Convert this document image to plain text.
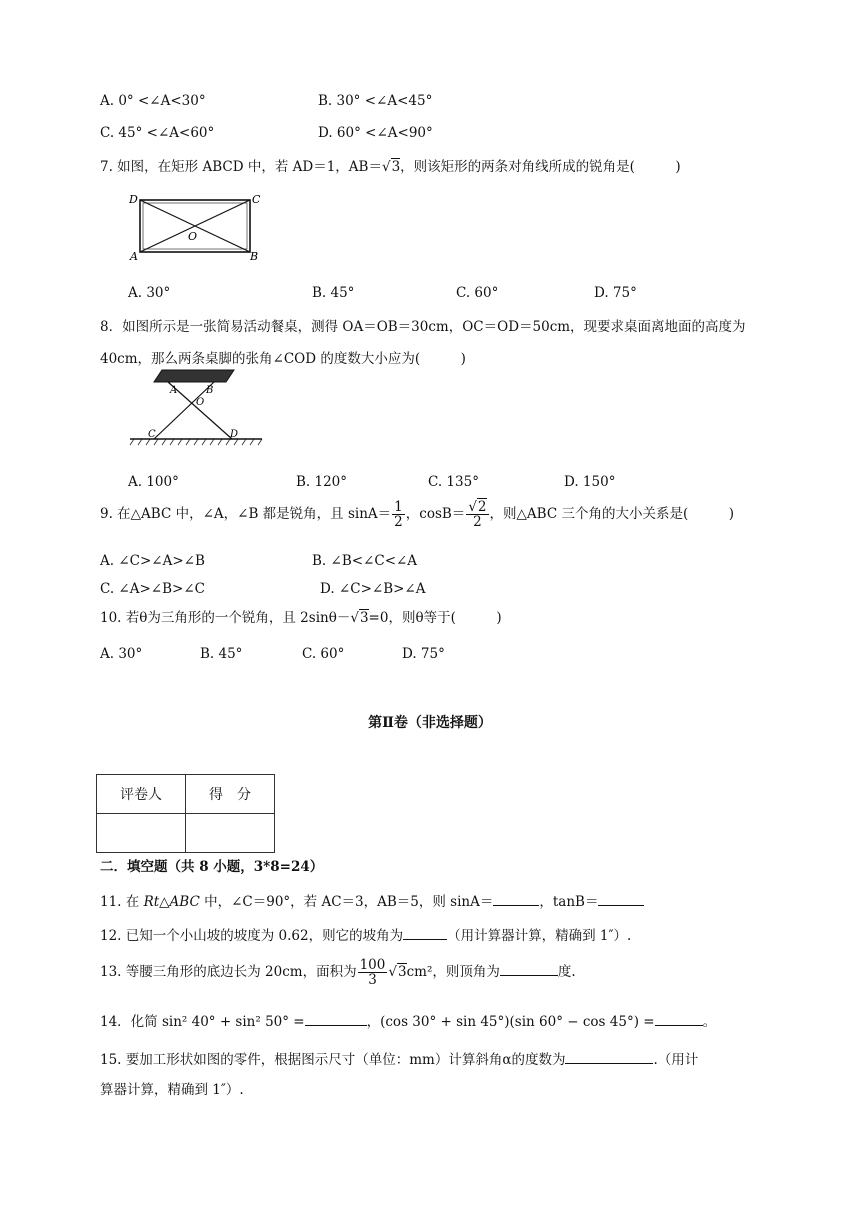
A. 0° <∠A<30°	B. 30° <∠A<45°
C. 45° <∠A<60°	D. 60° <∠A<90°
7. 如图，在矩形 ABCD 中，若 AD＝1，AB＝√3，则该矩形的两条对角线所成的锐角是(　　　)
D	C
O
A	B
A. 30°	B. 45°	C. 60°	D. 75°
8．如图所示是一张简易活动餐桌，测得 OA＝OB＝30cm，OC＝OD＝50cm，现要求桌面离地面的高度为
40cm，那么两条桌脚的张角∠COD 的度数大小应为(　　　)
A	B
O
C	D
A. 100°	B. 120°	C. 135°	D. 150°
9. 在△ABC 中，∠A，∠B 都是锐角，且 $\sin A= \frac{1}{2}$ ，$\cos B= \frac{√2}{2}$ ，则△ABC 三个角的大小关系是(　　　)
A. ∠C>∠A>∠B	B. ∠B<∠C<∠A
C. ∠A>∠B>∠C	D. ∠C>∠B>∠A
10. 若θ为三角形的一个锐角，且 2sinθ－√3=0，则θ等于(　　　)
A. 30°	B. 45°	C. 60°	D. 75°
第Ⅱ卷（非选择题）
评卷人	得　分

二．填空题（共 8 小题，3*8=24）
11. 在 Rt△ABC 中，∠C＝90°，若 AC＝3，AB＝5，则 sinA＝	，tanB＝
12. 已知一个小山坡的坡度为 0.62，则它的坡角为	（用计算器计算，精确到 1″）.
13. 等腰三角形的底边长为 20cm，面积为 $\frac{100}{3} √3cm^2$，则顶角为	度.
14．化简 sin² 40° + sin² 50° =	，(cos 30° + sin 45°)(sin 60° − cos 45°) =	。
15. 要加工形状如图的零件，根据图示尺寸（单位：mm）计算斜角α的度数为	.（用计
算器计算，精确到 1″）.
